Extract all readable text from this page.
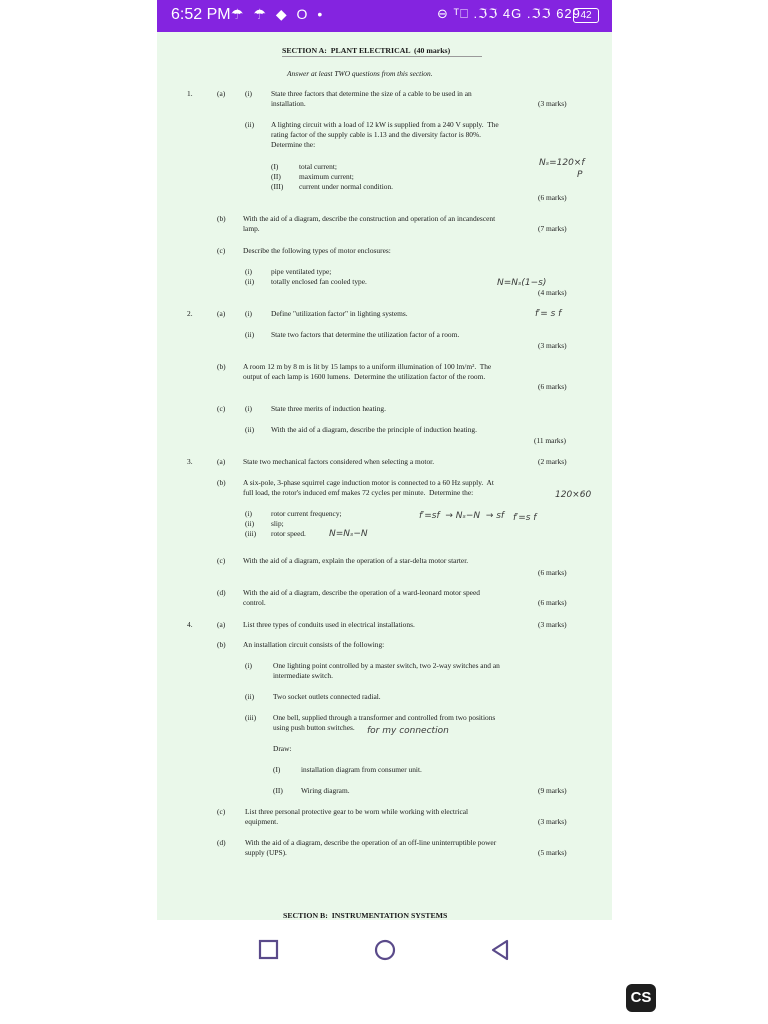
6:52 PM ☂ ☂ ◆ O •	⊖ ᵀ⎕ .ℑℑ 4G .ℑℑ 629 42
SECTION A:  PLANT ELECTRICAL  (40 marks)
Answer at least TWO questions from this section.
1.	(a)	(i)	State three factors that determine the size of a cable to be used in an
installation.	(3 marks)
(ii) A lighting circuit with a load of 12 kW is supplied from a 240 V supply.  The
rating factor of the supply cable is 1.13 and the diversity factor is 80%.
Determine the:
(I)	total current;
(II) maximum current;
(III) current under normal condition.
(6 marks)
(b) With the aid of a diagram, describe the construction and operation of an incandescent
lamp.	(7 marks)
(c) Describe the following types of motor enclosures:
(i)	pipe ventilated type;
(ii) totally enclosed fan cooled type.
(4 marks)
2.	(a)	(i)	Define "utilization factor" in lighting systems.
(ii) State two factors that determine the utilization factor of a room.
(3 marks)
(b) A room 12 m by 8 m is lit by 15 lamps to a uniform illumination of 100 lm/m².  The
output of each lamp is 1600 lumens.  Determine the utilization factor of the room.
(6 marks)
(c)	(i)	State three merits of induction heating.
(ii) With the aid of a diagram, describe the principle of induction heating.
(11 marks)
3.	(a) State two mechanical factors considered when selecting a motor.	(2 marks)
(b) A six-pole, 3-phase squirrel cage induction motor is connected to a 60 Hz supply.  At
full load, the rotor's induced emf makes 72 cycles per minute.  Determine the:
(i)	rotor current frequency;
(ii) slip;
(iii) rotor speed.
(c) With the aid of a diagram, explain the operation of a star-delta motor starter.
(6 marks)
(d) With the aid of a diagram, describe the operation of a ward-leonard motor speed
control.	(6 marks)
4.	(a) List three types of conduits used in electrical installations.	(3 marks)
(b) An installation circuit consists of the following:
(i)	One lighting point controlled by a master switch, two 2-way switches and an
intermediate switch.
(ii)	Two socket outlets connected radial.
(iii) One bell, supplied through a transformer and controlled from two positions
using push button switches.
Draw:
(I)	installation diagram from consumer unit.
(II) Wiring diagram.	(9 marks)
(c)	List three personal protective gear to be worn while working with electrical
equipment.	(3 marks)
(d)	With the aid of a diagram, describe the operation of an off-line uninterruptible power
supply (UPS).	(5 marks)
SECTION B:  INSTRUMENTATION SYSTEMS
Nₛ=120×f
P
f′= s f
N=Nₛ(1−s)
f′=s f
f′=sf  → Nₛ−N  → sf
N=Nₛ−N
120×60
for my connection
CS
